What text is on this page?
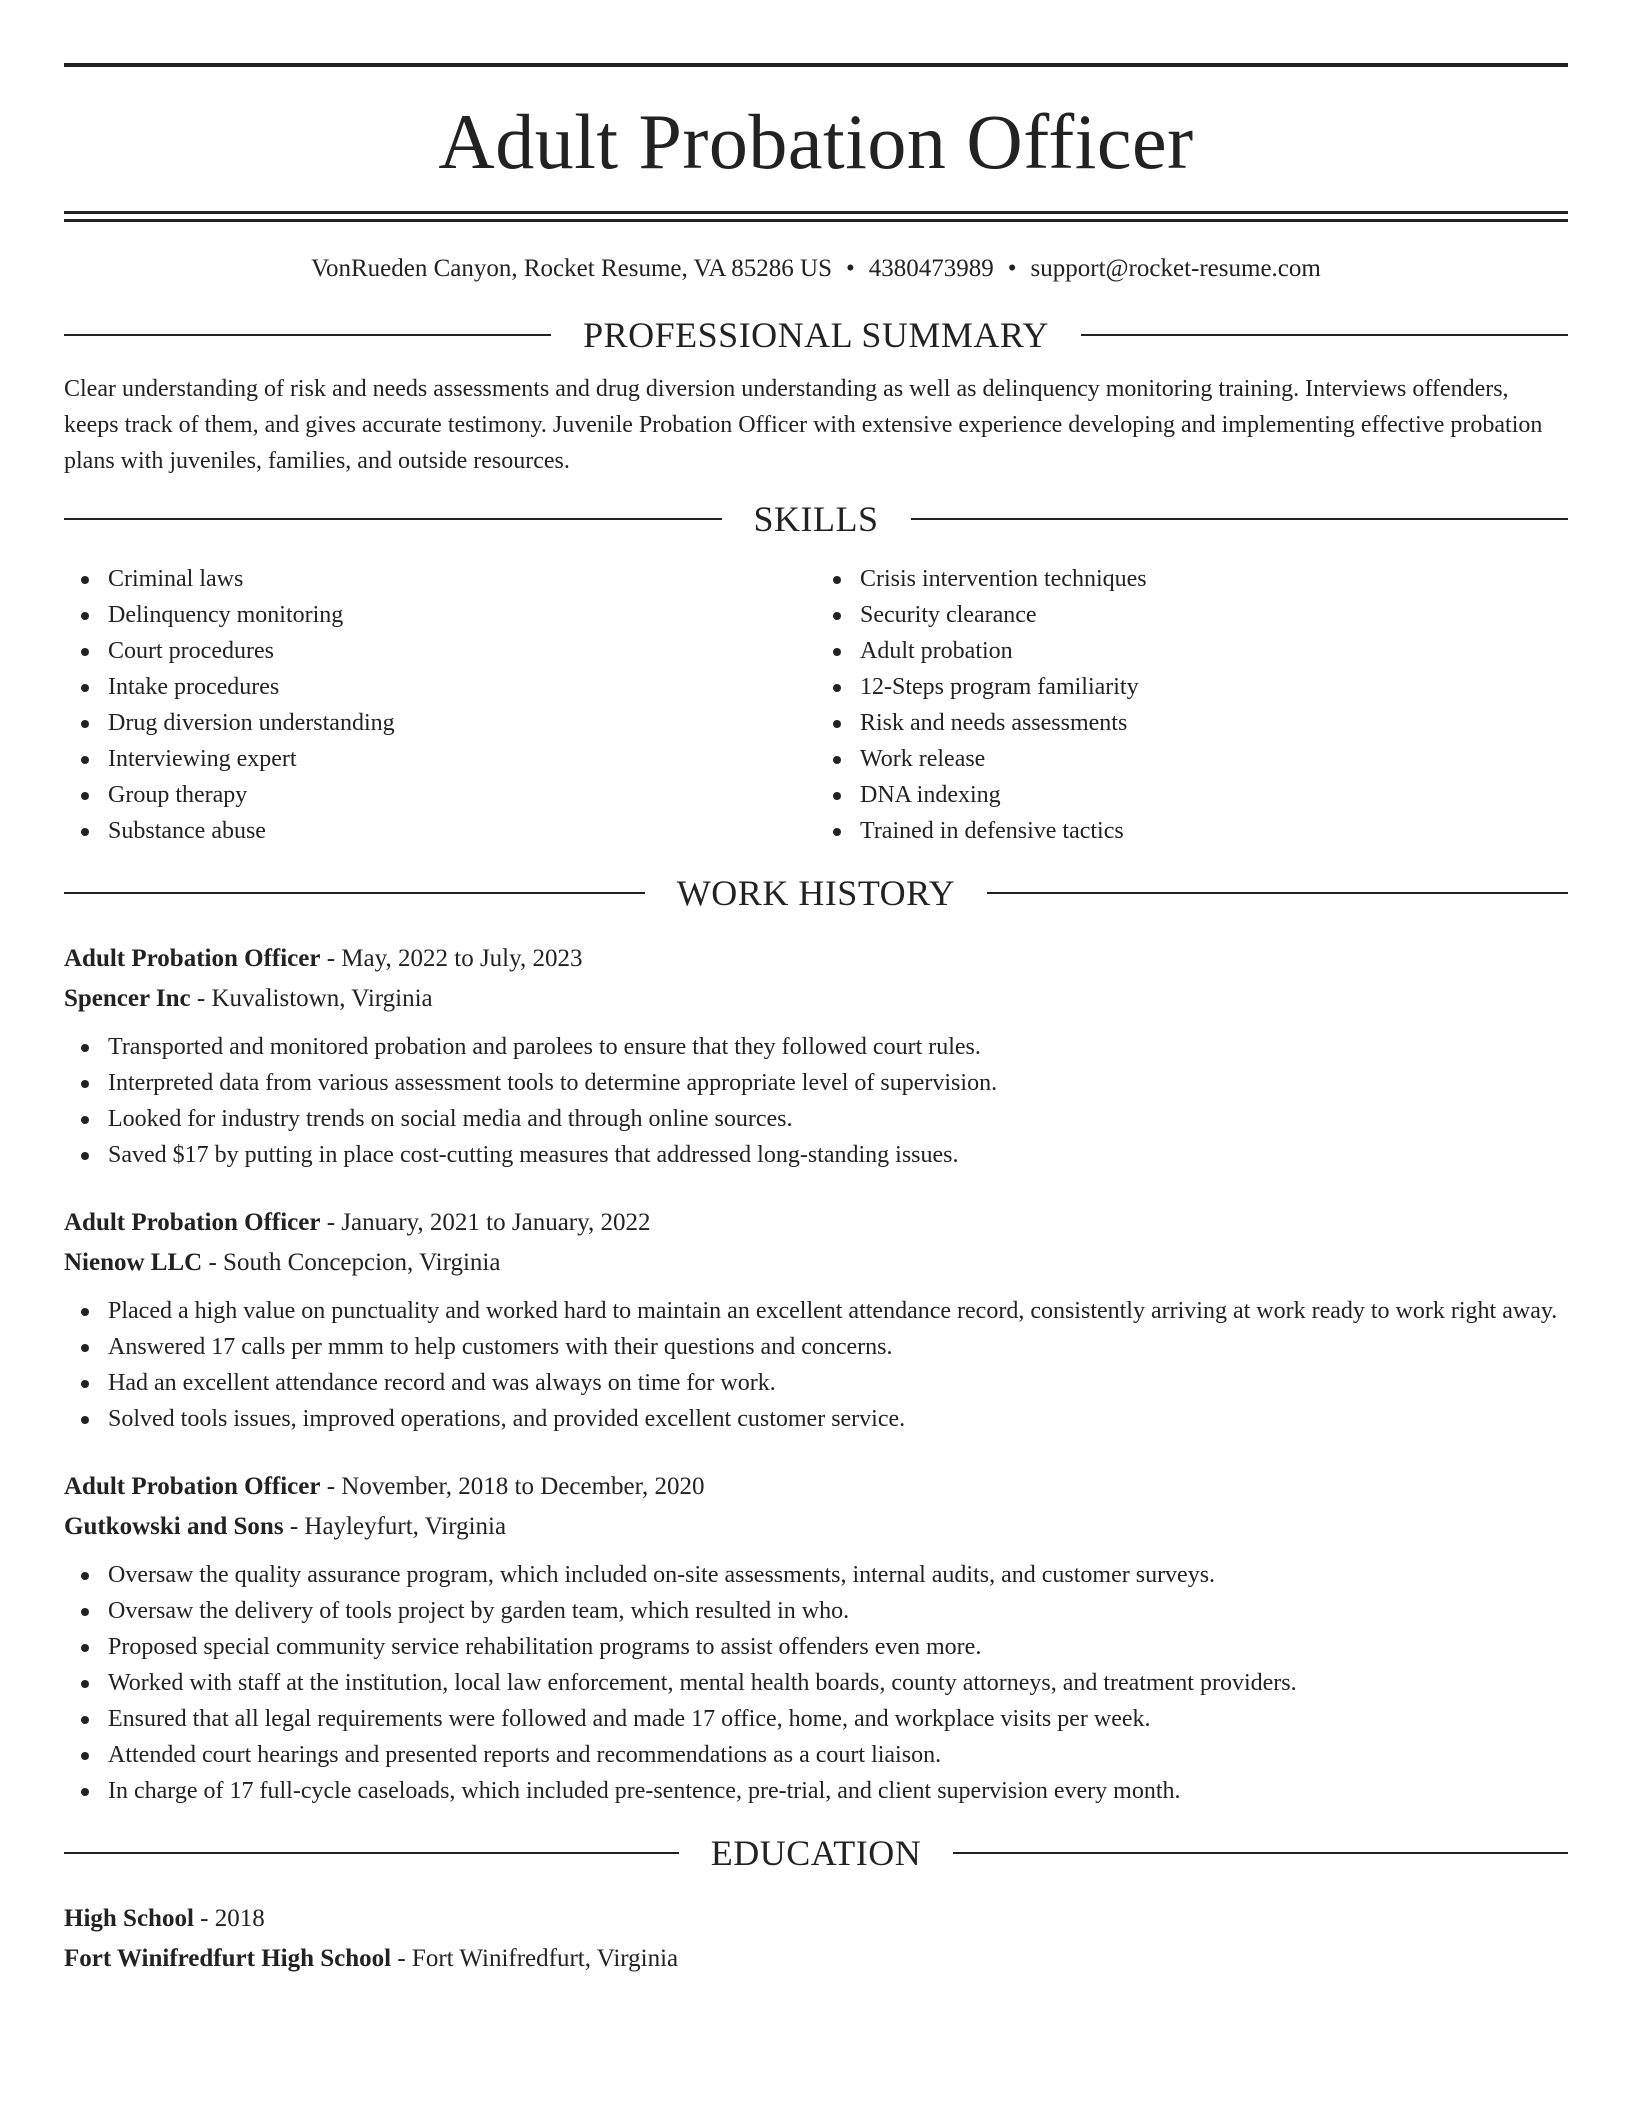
Adult Probation Officer
VonRueden Canyon, Rocket Resume, VA 85286 US • 4380473989 • support@rocket-resume.com
PROFESSIONAL SUMMARY

Clear understanding of risk and needs assessments and drug diversion understanding as well as delinquency monitoring training. Interviews offenders, keeps track of them, and gives accurate testimony. Juvenile Probation Officer with extensive experience developing and implementing effective probation plans with juveniles, families, and outside resources.

SKILLS
Criminal laws
Delinquency monitoring
Court procedures
Intake procedures
Drug diversion understanding
Interviewing expert
Group therapy
Substance abuse
Crisis intervention techniques
Security clearance
Adult probation
12-Steps program familiarity
Risk and needs assessments
Work release
DNA indexing
Trained in defensive tactics
WORK HISTORY
Adult Probation Officer - May, 2022 to July, 2023
Spencer Inc - Kuvalistown, Virginia
Transported and monitored probation and parolees to ensure that they followed court rules.
Interpreted data from various assessment tools to determine appropriate level of supervision.
Looked for industry trends on social media and through online sources.
Saved $17 by putting in place cost-cutting measures that addressed long-standing issues.
Adult Probation Officer - January, 2021 to January, 2022
Nienow LLC - South Concepcion, Virginia
Placed a high value on punctuality and worked hard to maintain an excellent attendance record, consistently arriving at work ready to work right away.
Answered 17 calls per mmm to help customers with their questions and concerns.
Had an excellent attendance record and was always on time for work.
Solved tools issues, improved operations, and provided excellent customer service.
Adult Probation Officer - November, 2018 to December, 2020
Gutkowski and Sons - Hayleyfurt, Virginia
Oversaw the quality assurance program, which included on-site assessments, internal audits, and customer surveys.
Oversaw the delivery of tools project by garden team, which resulted in who.
Proposed special community service rehabilitation programs to assist offenders even more.
Worked with staff at the institution, local law enforcement, mental health boards, county attorneys, and treatment providers.
Ensured that all legal requirements were followed and made 17 office, home, and workplace visits per week.
Attended court hearings and presented reports and recommendations as a court liaison.
In charge of 17 full-cycle caseloads, which included pre-sentence, pre-trial, and client supervision every month.
EDUCATION
High School - 2018
Fort Winifredfurt High School - Fort Winifredfurt, Virginia
